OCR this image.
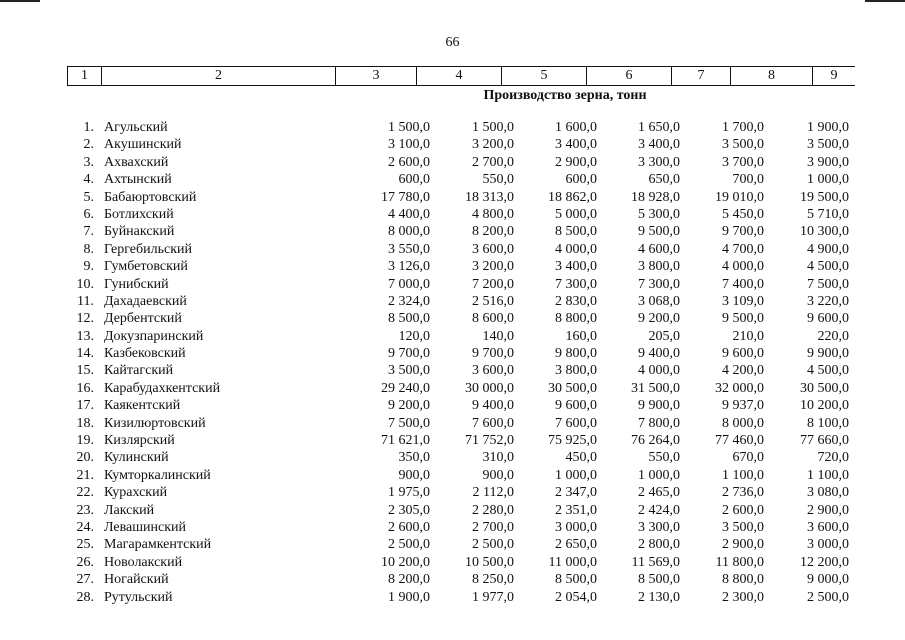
66
1	2	3	4	5	6	7	8	9
Производство зерна, тонн
1. Агульский	1 500,0	1 500,0	1 600,0	1 650,0	1 700,0	1 900,0
2. Акушинский	3 100,0	3 200,0	3 400,0	3 400,0	3 500,0	3 500,0
3. Ахвахский	2 600,0	2 700,0	2 900,0	3 300,0	3 700,0	3 900,0
4. Ахтынский	600,0	550,0	600,0	650,0	700,0	1 000,0
5. Бабаюртовский	17 780,0	18 313,0	18 862,0	18 928,0	19 010,0	19 500,0
6. Ботлихский	4 400,0	4 800,0	5 000,0	5 300,0	5 450,0	5 710,0
7. Буйнакский	8 000,0	8 200,0	8 500,0	9 500,0	9 700,0	10 300,0
8. Гергебильский	3 550,0	3 600,0	4 000,0	4 600,0	4 700,0	4 900,0
9. Гумбетовский	3 126,0	3 200,0	3 400,0	3 800,0	4 000,0	4 500,0
10. Гунибский	7 000,0	7 200,0	7 300,0	7 300,0	7 400,0	7 500,0
11. Дахадаевский	2 324,0	2 516,0	2 830,0	3 068,0	3 109,0	3 220,0
12. Дербентский	8 500,0	8 600,0	8 800,0	9 200,0	9 500,0	9 600,0
13. Докузпаринский	120,0	140,0	160,0	205,0	210,0	220,0
14. Казбековский	9 700,0	9 700,0	9 800,0	9 400,0	9 600,0	9 900,0
15. Кайтагский	3 500,0	3 600,0	3 800,0	4 000,0	4 200,0	4 500,0
16. Карабудахкентский	29 240,0	30 000,0	30 500,0	31 500,0	32 000,0	30 500,0
17. Каякентский	9 200,0	9 400,0	9 600,0	9 900,0	9 937,0	10 200,0
18. Кизилюртовский	7 500,0	7 600,0	7 600,0	7 800,0	8 000,0	8 100,0
19. Кизлярский	71 621,0	71 752,0	75 925,0	76 264,0	77 460,0	77 660,0
20. Кулинский	350,0	310,0	450,0	550,0	670,0	720,0
21. Кумторкалинский	900,0	900,0	1 000,0	1 000,0	1 100,0	1 100,0
22. Курахский	1 975,0	2 112,0	2 347,0	2 465,0	2 736,0	3 080,0
23. Лакский	2 305,0	2 280,0	2 351,0	2 424,0	2 600,0	2 900,0
24. Левашинский	2 600,0	2 700,0	3 000,0	3 300,0	3 500,0	3 600,0
25. Магарамкентский	2 500,0	2 500,0	2 650,0	2 800,0	2 900,0	3 000,0
26. Новолакский	10 200,0	10 500,0	11 000,0	11 569,0	11 800,0	12 200,0
27. Ногайский	8 200,0	8 250,0	8 500,0	8 500,0	8 800,0	9 000,0
28. Рутульский	1 900,0	1 977,0	2 054,0	2 130,0	2 300,0	2 500,0
